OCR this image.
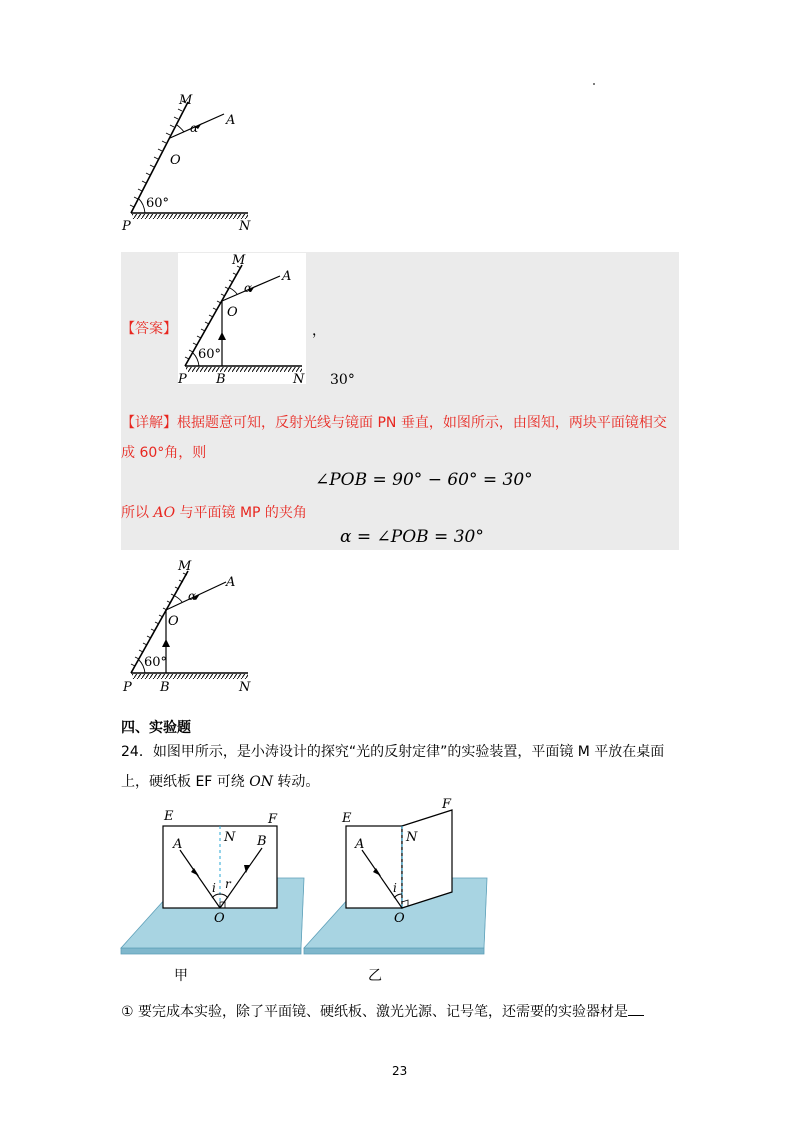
M
A
α
O
60°
P	N
M
A
α
O
60°
P B	N
【答案】	，
30°
【详解】根据题意可知，反射光线与镜面 PN 垂直，如图所示，由图知，两块平面镜相交
成 60°角，则
∠POB = 90° − 60° = 30°
所以 AO 与平面镜 MP 的夹角
α = ∠POB = 30°
M
A
α
O
60°
P B	N
四、实验题
24．如图甲所示，是小涛设计的探究“光的反射定律”的实验装置，平面镜 M 平放在桌面
上，硬纸板 EF 可绕 ON 转动。
E	F
N
A	B
i r
O
甲
E
F
N
A
i
O
乙
① 要完成本实验，除了平面镜、硬纸板、激光光源、记号笔，还需要的实验器材是
23
